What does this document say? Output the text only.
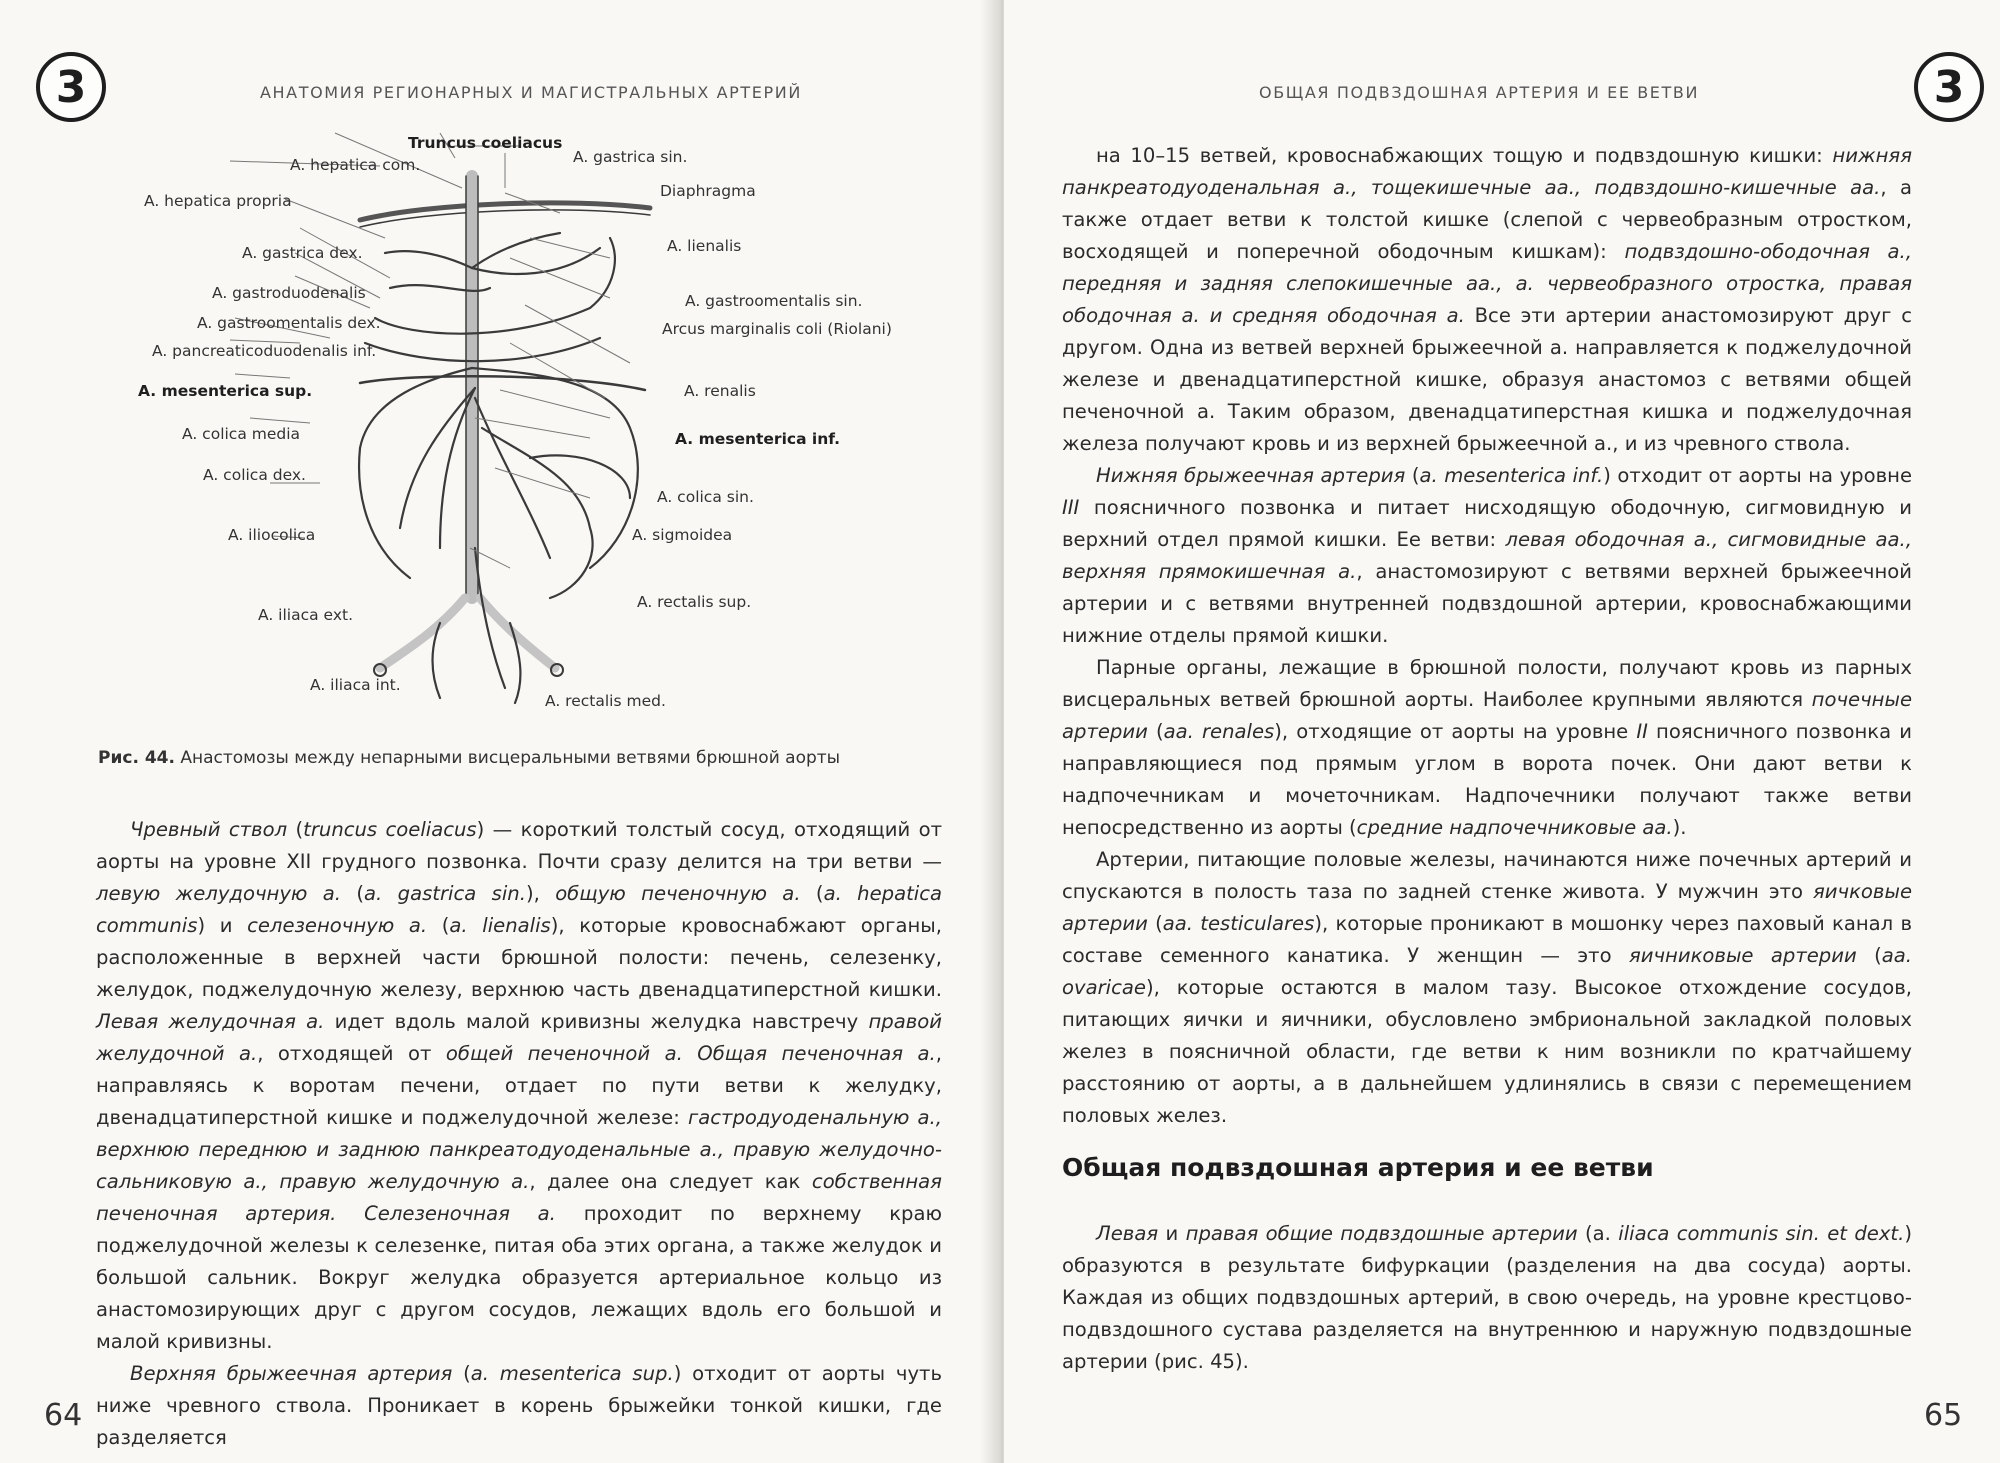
3	АНАТОМИЯ РЕГИОНАРНЫХ И МАГИСТРАЛЬНЫХ АРТЕРИЙ
Truncus coeliacus
A. hepatica com.	A. gastrica sin.
A. hepatica propria
Diaphragma
A. gastrica dex.	A. lienalis
A. gastroduodenalis	A. gastroomentalis sin.
A. gastroomentalis dex.	Arcus marginalis coli (Riolani)
A. pancreaticoduodenalis inf.
A. mesenterica sup.	A. renalis
A. colica media	A. mesenterica inf.
A. colica dex.
A. colica sin.
A. iliocolica	A. sigmoidea
A. rectalis sup.
A. iliaca ext.
A. iliaca int.
A. rectalis med.
Рис. 44. Анастомозы между непарными висцеральными ветвями брюшной аорты

Чревный ствол (truncus coeliacus) — короткий толстый сосуд, отходящий от аорты на уровне XII грудного позвонка. Почти сразу делится на три ветви — левую желудочную а. (a. gastrica sin.), общую печеночную а. (a. hepatica communis) и селезеночную а. (a. lienalis), которые кровоснабжают органы, расположенные в верхней части брюшной полости: печень, селезенку, желудок, поджелудочную железу, верхнюю часть двенадцатиперстной кишки. Левая желудочная а. идет вдоль малой кривизны желудка навстречу правой желудочной а., отходящей от общей печеночной а. Общая печеночная а., направляясь к воротам печени, отдает по пути ветви к желудку, двенадцатиперстной кишке и поджелудочной железе: гастродуоденальную а., верхнюю переднюю и заднюю панкреатодуоденальные а., правую желудочно-сальниковую а., правую желудочную а., далее она следует как собственная печеночная артерия. Селезеночная а. проходит по верхнему краю поджелудочной железы к селезенке, питая оба этих органа, а также желудок и большой сальник. Вокруг желудка образуется артериальное кольцо из анастомозирующих друг с другом сосудов, лежащих вдоль его большой и малой кривизны.

Верхняя брыжеечная артерия (a. mesenterica sup.) отходит от аорты чуть ниже чревного ствола. Проникает в корень брыжейки тонкой кишки, где разделяется

64
ОБЩАЯ ПОДВЗДОШНАЯ АРТЕРИЯ И ЕЕ ВЕТВИ	3

на 10–15 ветвей, кровоснабжающих тощую и подвздошную кишки: нижняя панкреатодуоденальная а., тощекишечные аа., подвздошно-кишечные аа., а также отдает ветви к толстой кишке (слепой с червеобразным отростком, восходящей и поперечной ободочным кишкам): подвздошно-ободочная а., передняя и задняя слепокишечные аа., а. червеобразного отростка, правая ободочная а. и средняя ободочная а. Все эти артерии анастомозируют друг с другом. Одна из ветвей верхней брыжеечной а. направляется к поджелудочной железе и двенадцатиперстной кишке, образуя анастомоз с ветвями общей печеночной а. Таким образом, двенадцатиперстная кишка и поджелудочная железа получают кровь и из верхней брыжеечной а., и из чревного ствола.

Нижняя брыжеечная артерия (a. mesenterica inf.) отходит от аорты на уровне III поясничного позвонка и питает нисходящую ободочную, сигмовидную и верхний отдел прямой кишки. Ее ветви: левая ободочная а., сигмовидные аа., верхняя прямокишечная а., анастомозируют с ветвями верхней брыжеечной артерии и с ветвями внутренней подвздошной артерии, кровоснабжающими нижние отделы прямой кишки.

Парные органы, лежащие в брюшной полости, получают кровь из парных висцеральных ветвей брюшной аорты. Наиболее крупными являются почечные артерии (aa. renales), отходящие от аорты на уровне II поясничного позвонка и направляющиеся под прямым углом в ворота почек. Они дают ветви к надпочечникам и мочеточникам. Надпочечники получают также ветви непосредственно из аорты (средние надпочечниковые аа.).

Артерии, питающие половые железы, начинаются ниже почечных артерий и спускаются в полость таза по задней стенке живота. У мужчин это яичковые артерии (aa. testiculares), которые проникают в мошонку через паховый канал в составе семенного канатика. У женщин — это яичниковые артерии (aa. ovaricae), которые остаются в малом тазу. Высокое отхождение сосудов, питающих яички и яичники, обусловлено эмбриональной закладкой половых желез в поясничной области, где ветви к ним возникли по кратчайшему расстоянию от аорты, а в дальнейшем удлинялись в связи с перемещением половых желез.

65
Общая подвздошная артерия и ее ветви

Левая и правая общие подвздошные артерии (a. iliaca communis sin. et dext.) образуются в результате бифуркации (разделения на два сосуда) аорты. Каждая из общих подвздошных артерий, в свою очередь, на уровне крестцово-подвздошного сустава разделяется на внутреннюю и наружную подвздошные артерии (рис. 45).
